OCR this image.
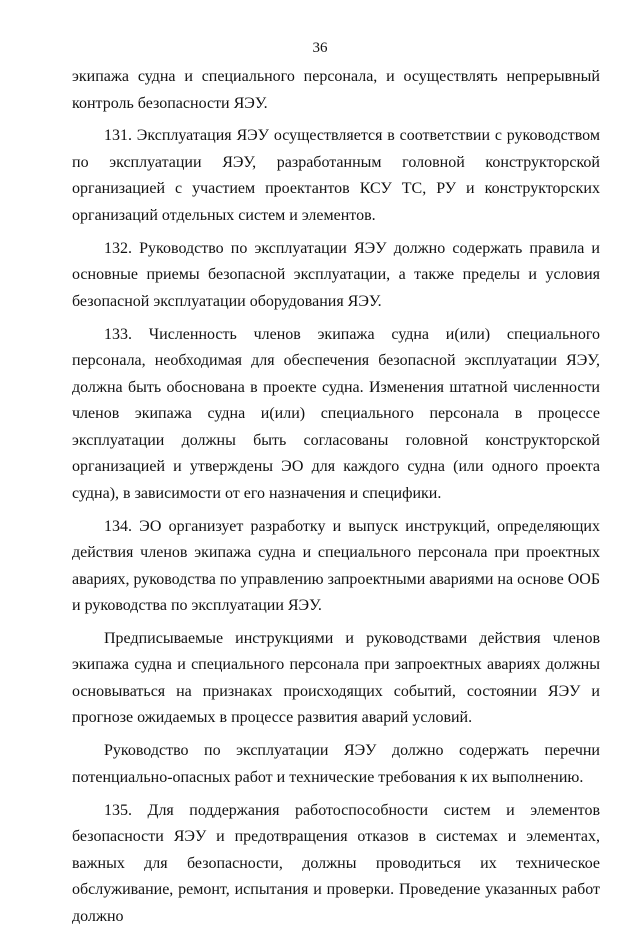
36

экипажа судна и специального персонала, и осуществлять непрерывный контроль безопасности ЯЭУ.

131. Эксплуатация ЯЭУ осуществляется в соответствии с руководством по эксплуатации ЯЭУ, разработанным головной конструкторской организацией с участием проектантов КСУ ТС, РУ и конструкторских организаций отдельных систем и элементов.

132. Руководство по эксплуатации ЯЭУ должно содержать правила и основные приемы безопасной эксплуатации, а также пределы и условия безопасной эксплуатации оборудования ЯЭУ.

133. Численность членов экипажа судна и(или) специального персонала, необходимая для обеспечения безопасной эксплуатации ЯЭУ, должна быть обоснована в проекте судна. Изменения штатной численности членов экипажа судна и(или) специального персонала в процессе эксплуатации должны быть согласованы головной конструкторской организацией и утверждены ЭО для каждого судна (или одного проекта судна), в зависимости от его назначения и специфики.

134. ЭО организует разработку и выпуск инструкций, определяющих действия членов экипажа судна и специального персонала при проектных авариях, руководства по управлению запроектными авариями на основе ООБ и руководства по эксплуатации ЯЭУ.

Предписываемые инструкциями и руководствами действия членов экипажа судна и специального персонала при запроектных авариях должны основываться на признаках происходящих событий, состоянии ЯЭУ и прогнозе ожидаемых в процессе развития аварий условий.

Руководство по эксплуатации ЯЭУ должно содержать перечни потенциально-опасных работ и технические требования к их выполнению.

135. Для поддержания работоспособности систем и элементов безопасности ЯЭУ и предотвращения отказов в системах и элементах, важных для безопасности, должны проводиться их техническое обслуживание, ремонт, испытания и проверки. Проведение указанных работ должно
